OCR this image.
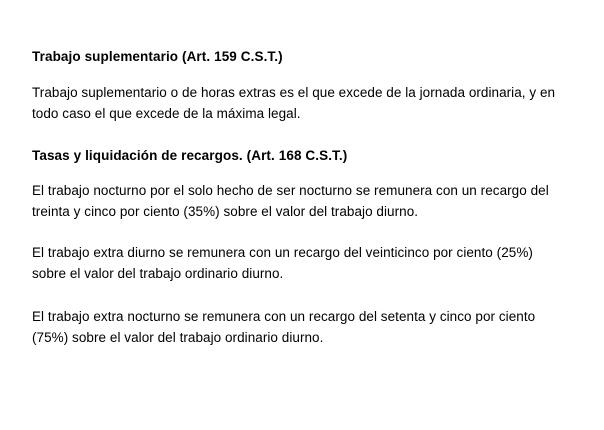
Trabajo suplementario (Art. 159 C.S.T.)

Trabajo suplementario o de horas extras es el que excede de la jornada ordinaria, y en todo caso el que excede de la máxima legal.

Tasas y liquidación de recargos. (Art. 168 C.S.T.)

El trabajo nocturno por el solo hecho de ser nocturno se remunera con un recargo del treinta y cinco por ciento (35%) sobre el valor del trabajo diurno.

El trabajo extra diurno se remunera con un recargo del veinticinco por ciento (25%) sobre el valor del trabajo ordinario diurno.

El trabajo extra nocturno se remunera con un recargo del setenta y cinco por ciento (75%) sobre el valor del trabajo ordinario diurno.
